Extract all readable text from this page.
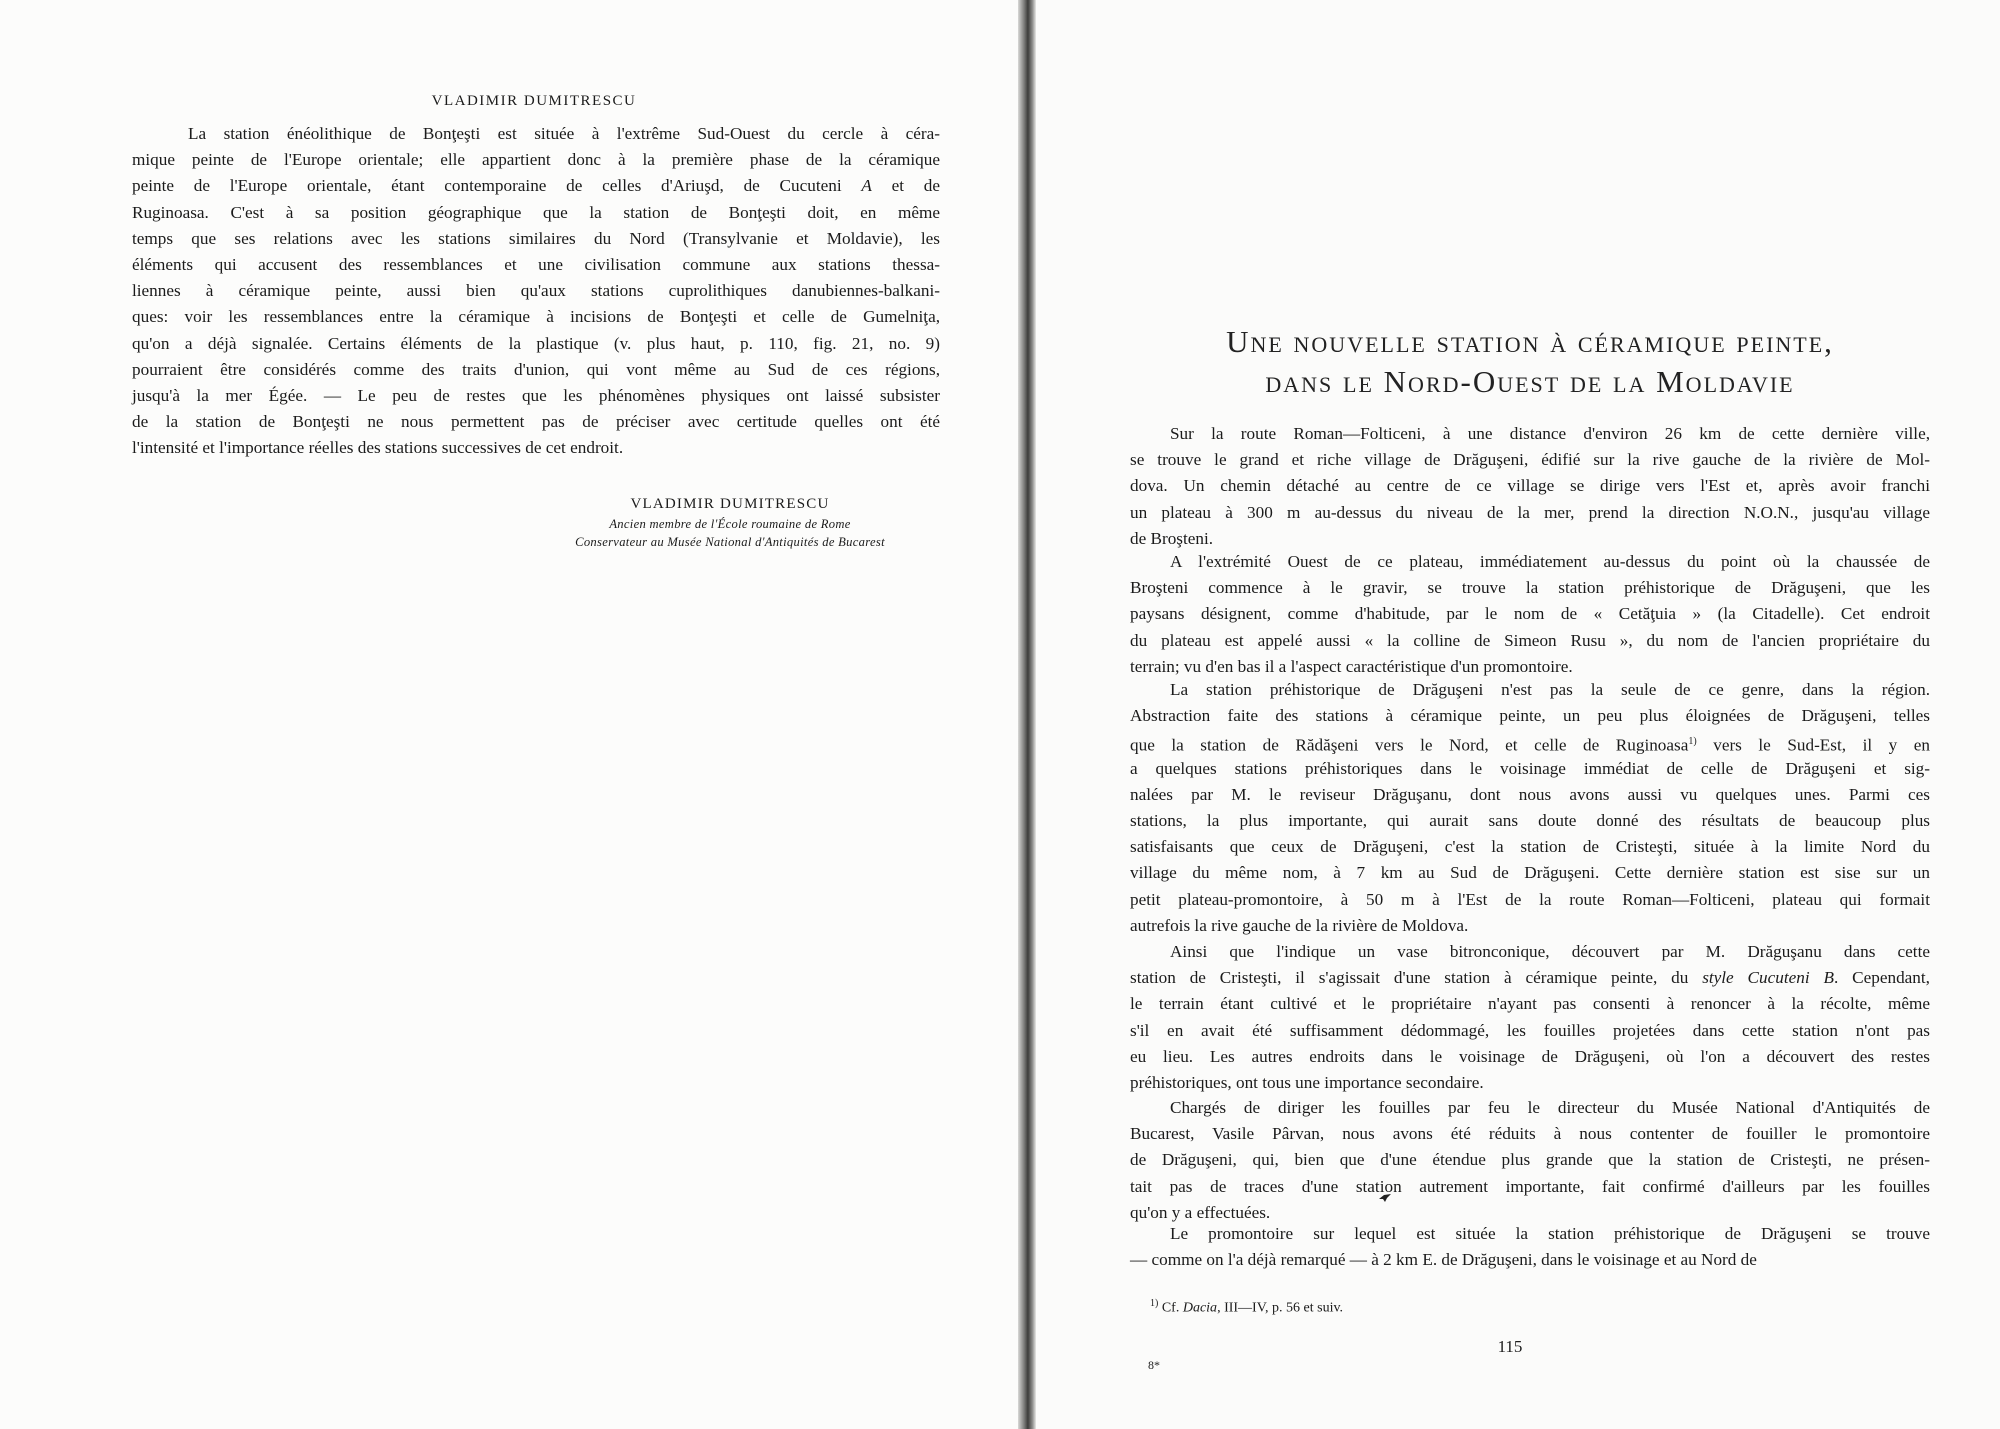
VLADIMIR DUMITRESCU
La station énéolithique de Bonţeşti est située à l'extrême Sud-Ouest du cercle à céra-
mique peinte de l'Europe orientale; elle appartient donc à la première phase de la céramique
peinte de l'Europe orientale, étant contemporaine de celles d'Ariuşd, de Cucuteni A et de
Ruginoasa. C'est à sa position géographique que la station de Bonţeşti doit, en même
temps que ses relations avec les stations similaires du Nord (Transylvanie et Moldavie), les
éléments qui accusent des ressemblances et une civilisation commune aux stations thessa-
liennes à céramique peinte, aussi bien qu'aux stations cuprolithiques danubiennes-balkani-
ques: voir les ressemblances entre la céramique à incisions de Bonţeşti et celle de Gumelniţa,
qu'on a déjà signalée. Certains éléments de la plastique (v. plus haut, p. 110, fig. 21, no. 9)
pourraient être considérés comme des traits d'union, qui vont même au Sud de ces régions,
jusqu'à la mer Égée. — Le peu de restes que les phénomènes physiques ont laissé subsister
de la station de Bonţeşti ne nous permettent pas de préciser avec certitude quelles ont été
l'intensité et l'importance réelles des stations successives de cet endroit.
VLADIMIR DUMITRESCU
Ancien membre de l'École roumaine de Rome
Conservateur au Musée National d'Antiquités de Bucarest
Une nouvelle station à céramique peinte,
dans le Nord-Ouest de la Moldavie
Sur la route Roman—Folticeni, à une distance d'environ 26 km de cette dernière ville,
se trouve le grand et riche village de Drăguşeni, édifié sur la rive gauche de la rivière de Mol-
dova. Un chemin détaché au centre de ce village se dirige vers l'Est et, après avoir franchi
un plateau à 300 m au-dessus du niveau de la mer, prend la direction N.O.N., jusqu'au village
de Broşteni.
A l'extrémité Ouest de ce plateau, immédiatement au-dessus du point où la chaussée de
Broşteni commence à le gravir, se trouve la station préhistorique de Drăguşeni, que les
paysans désignent, comme d'habitude, par le nom de « Cetăţuia » (la Citadelle). Cet endroit
du plateau est appelé aussi « la colline de Simeon Rusu », du nom de l'ancien propriétaire du
terrain; vu d'en bas il a l'aspect caractéristique d'un promontoire.
La station préhistorique de Drăguşeni n'est pas la seule de ce genre, dans la région.
Abstraction faite des stations à céramique peinte, un peu plus éloignées de Drăguşeni, telles
que la station de Rădăşeni vers le Nord, et celle de Ruginoasa$^{1)}$ vers le Sud-Est, il y en
a quelques stations préhistoriques dans le voisinage immédiat de celle de Drăguşeni et sig-
nalées par M. le reviseur Drăguşanu, dont nous avons aussi vu quelques unes. Parmi ces
stations, la plus importante, qui aurait sans doute donné des résultats de beaucoup plus
satisfaisants que ceux de Drăguşeni, c'est la station de Cristeşti, située à la limite Nord du
village du même nom, à 7 km au Sud de Drăguşeni. Cette dernière station est sise sur un
petit plateau-promontoire, à 50 m à l'Est de la route Roman—Folticeni, plateau qui formait
autrefois la rive gauche de la rivière de Moldova.
Ainsi que l'indique un vase bitronconique, découvert par M. Drăguşanu dans cette
station de Cristeşti, il s'agissait d'une station à céramique peinte, du style Cucuteni B. Cependant,
le terrain étant cultivé et le propriétaire n'ayant pas consenti à renoncer à la récolte, même
s'il en avait été suffisamment dédommagé, les fouilles projetées dans cette station n'ont pas
eu lieu. Les autres endroits dans le voisinage de Drăguşeni, où l'on a découvert des restes
préhistoriques, ont tous une importance secondaire.
Chargés de diriger les fouilles par feu le directeur du Musée National d'Antiquités de
Bucarest, Vasile Pârvan, nous avons été réduits à nous contenter de fouiller le promontoire
de Drăguşeni, qui, bien que d'une étendue plus grande que la station de Cristeşti, ne présen-
tait pas de traces d'une station autrement importante, fait confirmé d'ailleurs par les fouilles
qu'on y a effectuées.
Le promontoire sur lequel est située la station préhistorique de Drăguşeni se trouve
— comme on l'a déjà remarqué — à 2 km E. de Drăguşeni, dans le voisinage et au Nord de
$^{1)}$ Cf. Dacia, III—IV, p. 56 et suiv.
115
8*
